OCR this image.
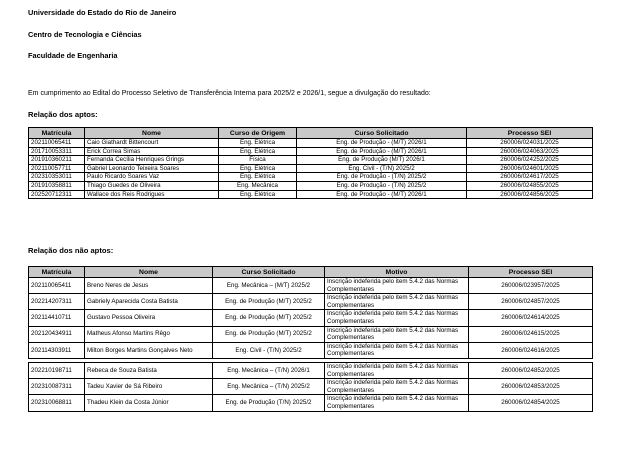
Universidade do Estado do Rio de Janeiro
Centro de Tecnologia e Ciências
Faculdade de Engenharia
Em cumprimento ao Edital do Processo Seletivo de Transferência Interna para 2025/2 e 2026/1, segue a divulgação do resultado:
Relação dos aptos:
Matrícula	Nome	Curso de Origem	Curso Solicitado	Processo SEI
202110065411	Caio Giathardt Bittencourt	Eng. Elétrica	Eng. de Produção - (M/T) 2026/1	260006/024031/2025
201710053311	Erick Correa Simas	Eng. Elétrica	Eng. de Produção - (M/T) 2026/1	260006/024063/2025
201910360211	Fernanda Cecília Henriques Grings	Física	Eng. de Produção (M/T) 2026/1	260006/024252/2025
202110057711	Gabriel Leonardo Teixeira Soares	Eng. Elétrica	Eng. Civil - (T/N) 2025/2	260006/024601/2025
202310353011	Paulo Ricardo Soares Vaz	Eng. Elétrica	Eng. de Produção - (T/N) 2025/2	260006/024617/2025
201910358811	Thiago Guedes de Oliveira	Eng. Mecânica	Eng. de Produção - (T/N) 2025/2	260006/024855/2025
202520712311	Wallace dos Reis Rodrigues	Eng. Elétrica	Eng. de Produção - (M/T) 2026/1	260006/024856/2025
Relação dos não aptos:
Matrícula	Nome	Curso Solicitado	Motivo	Processo SEI
202110065411	Breno Neres de Jesus	Eng. Mecânica – (M/T) 2025/2	Inscrição indeferida pelo item 5.4.2 das Normas Complementares	260006/023957/2025
202214207311	Gabriely Aparecida Costa Batista	Eng. de Produção (M/T) 2025/2	Inscrição indeferida pelo item 5.4.2 das Normas Complementares	260006/024857/2025
202114410711	Gustavo Pessoa Oliveira	Eng. de Produção (M/T) 2025/2	Inscrição indeferida pelo item 5.4.2 das Normas Complementares	260006/024614/2025
202120434911	Matheus Afonso Martins Rêgo	Eng. de Produção (M/T) 2025/2	Inscrição indeferida pelo item 5.4.2 das Normas Complementares	260006/024615/2025
202114303911	Milton Borges Martins Gonçalves Neto	Eng. Civil - (T/N) 2025/2	Inscrição indeferida pelo item 5.4.2 das Normas Complementares	260006/024616/2025

202210198711	Rebeca de Souza Batista	Eng. Mecânica – (T/N) 2026/1	Inscrição indeferida pelo item 5.4.2 das Normas Complementares	260006/024852/2025
202310087311	Tadeu Xavier de Sá Ribeiro	Eng. Mecânica – (T/N) 2025/2	Inscrição indeferida pelo item 5.4.2 das Normas Complementares	260006/024853/2025
202310068811	Thadeu Klein da Costa Júnior	Eng. de Produção (T/N) 2025/2	Inscrição indeferida pelo item 5.4.2 das Normas Complementares	260006/024854/2025
